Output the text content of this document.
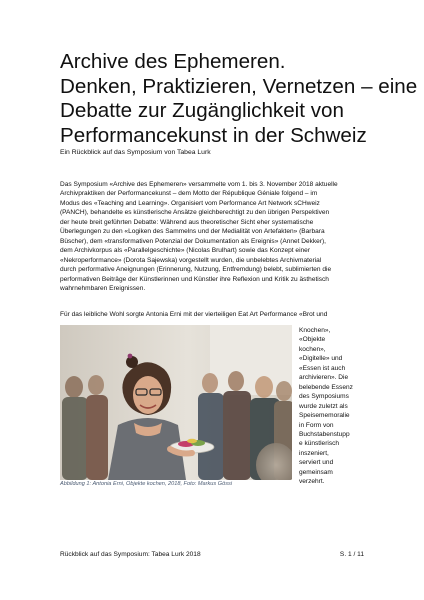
Archive des Ephemeren.
Denken, Praktizieren, Vernetzen – eine
Debatte zur Zugänglichkeit von
Performancekunst in der Schweiz

Ein Rückblick auf das Symposium von Tabea Lurk

Das Symposium «Archive des Ephemeren» versammelte vom 1. bis 3. November 2018 aktuelle
Archivpraktiken der Performancekunst – dem Motto der République Géniale folgend – im
Modus des «Teaching and Learning». Organisiert vom Performance Art Network sCHweiz
(PANCH), behandelte es künstlerische Ansätze gleichberechtigt zu den übrigen Perspektiven
der heute breit geführten Debatte: Während aus theoretischer Sicht eher systematische
Überlegungen zu den «Logiken des Sammelns und der Medialität von Artefakten» (Barbara
Büscher), dem «transformativen Potenzial der Dokumentation als Ereignis» (Annet Dekker),
dem Archivkorpus als «Parallelgeschichte» (Nicolas Brulhart) sowie das Konzept einer
«Nekroperformance» (Dorota Sajewska) vorgestellt wurden, die unbelebtes Archivmaterial
durch performative Aneignungen (Erinnerung, Nutzung, Entfremdung) belebt, sublimierten die
performativen Beiträge der Künstlerinnen und Künstler ihre Reflexion und Kritik zu ästhetisch
wahrnehmbaren Ereignissen.

Für das leibliche Wohl sorgte Antonia Erni mit der vierteiligen Eat Art Performance «Brot und

Abbildung 1: Antonia Erni, Objekte kochen, 2018, Foto: Markus Gössi

Knochen»,
«Objekte
kochen»,
«Digitelle» und
«Essen ist auch
archivieren». Die
belebende Essenz
des Symposiums
wurde zuletzt als
Speisememoralie
in Form von
Buchstabenstupp
e künstlerisch
inszeniert,
serviert und
gemeinsam
verzehrt.

Rückblick auf das Symposium: Tabea Lurk 2018	S. 1 / 11
